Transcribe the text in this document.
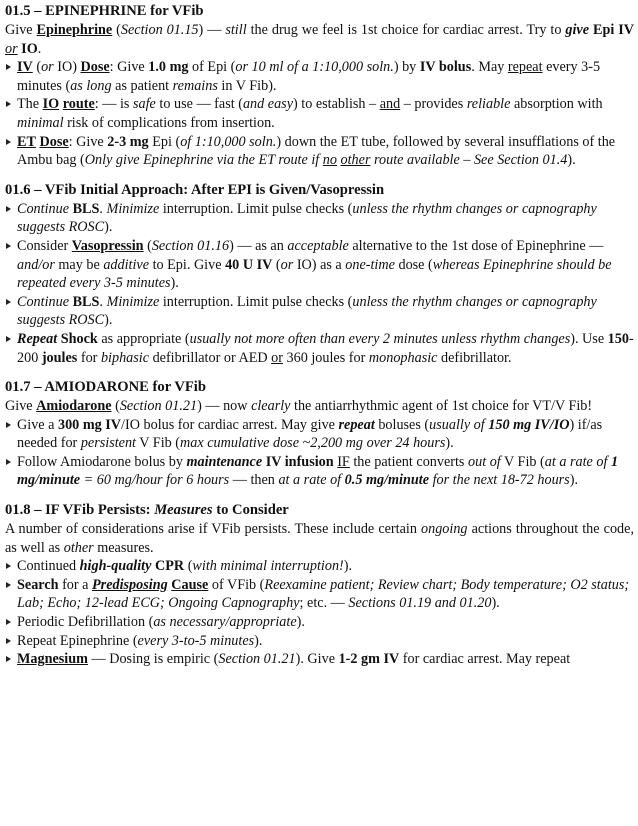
01.5 – EPINEPHRINE for VFib

Give Epinephrine (Section 01.15) — still the drug we feel is 1st choice for cardiac arrest. Try to give Epi IV or IO.

IV (or IO) Dose: Give 1.0 mg of Epi (or 10 ml of a 1:10,000 soln.) by IV bolus. May repeat every 3-5 minutes (as long as patient remains in V Fib).
The IO route: — is safe to use — fast (and easy) to establish – and – provides reliable absorption with minimal risk of complications from insertion.
ET Dose: Give 2-3 mg Epi (of 1:10,000 soln.) down the ET tube, followed by several insufflations of the Ambu bag (Only give Epinephrine via the ET route if no other route available – See Section 01.4).
01.6 – VFib Initial Approach: After EPI is Given/Vasopressin
Continue BLS. Minimize interruption. Limit pulse checks (unless the rhythm changes or capnography suggests ROSC).
Consider Vasopressin (Section 01.16) — as an acceptable alternative to the 1st dose of Epinephrine — and/or may be additive to Epi. Give 40 U IV (or IO) as a one-time dose (whereas Epinephrine should be repeated every 3-5 minutes).
Continue BLS. Minimize interruption. Limit pulse checks (unless the rhythm changes or capnography suggests ROSC).
Repeat Shock as appropriate (usually not more often than every 2 minutes unless rhythm changes). Use 150-200 joules for biphasic defibrillator or AED or 360 joules for monophasic defibrillator.
01.7 – AMIODARONE for VFib

Give Amiodarone (Section 01.21) — now clearly the antiarrhythmic agent of 1st choice for VT/V Fib!

Give a 300 mg IV/IO bolus for cardiac arrest. May give repeat boluses (usually of 150 mg IV/IO) if/as needed for persistent V Fib (max cumulative dose ~2,200 mg over 24 hours).
Follow Amiodarone bolus by maintenance IV infusion IF the patient converts out of V Fib (at a rate of 1 mg/minute = 60 mg/hour for 6 hours — then at a rate of 0.5 mg/minute for the next 18-72 hours).
01.8 – IF VFib Persists: Measures to Consider

A number of considerations arise if VFib persists. These include certain ongoing actions throughout the code, as well as other measures.

Continued high-quality CPR (with minimal interruption!).
Search for a Predisposing Cause of VFib (Reexamine patient; Review chart; Body temperature; O2 status; Lab; Echo; 12-lead ECG; Ongoing Capnography; etc. — Sections 01.19 and 01.20).
Periodic Defibrillation (as necessary/appropriate).
Repeat Epinephrine (every 3-to-5 minutes).
Magnesium — Dosing is empiric (Section 01.21). Give 1-2 gm IV for cardiac arrest. May repeat
